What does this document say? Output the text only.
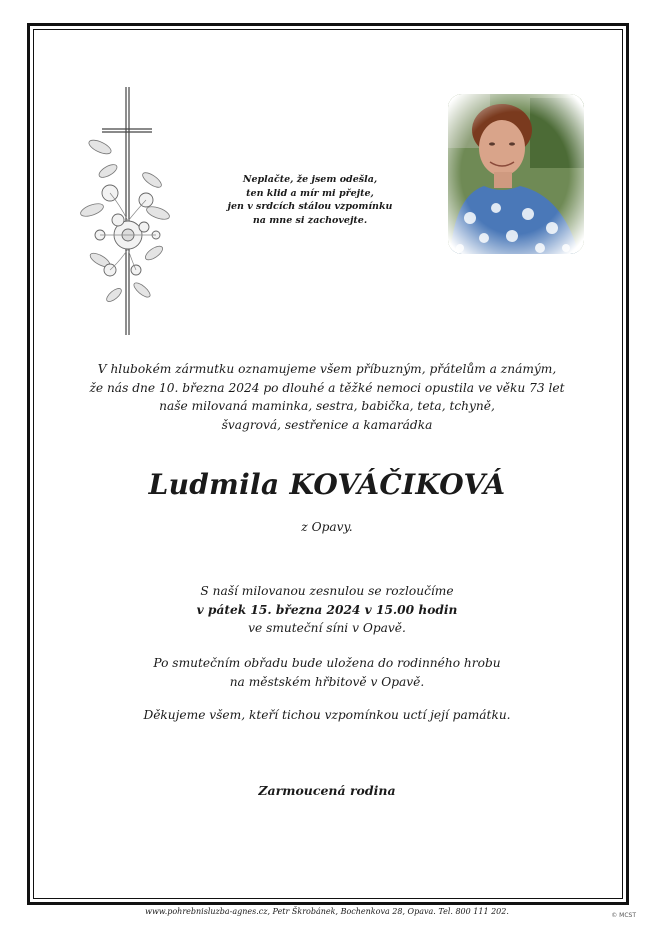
Neplačte, že jsem odešla,
ten klid a mír mi přejte,
jen v srdcích stálou vzpomínku
na mne si zachovejte.
V hlubokém zármutku oznamujeme všem příbuzným, přátelům a známým,
že nás dne 10. března 2024 po dlouhé a těžké nemoci opustila ve věku 73 let
naše milovaná maminka, sestra, babička, teta, tchyně,
švagrová, sestřenice a kamarádka
Ludmila KOVÁČIKOVÁ
z Opavy.
S naší milovanou zesnulou se rozloučíme
v pátek 15. března 2024 v 15.00 hodin
ve smuteční síni v Opavě.
Po smutečním obřadu bude uložena do rodinného hrobu
na městském hřbitově v Opavě.
Děkujeme všem, kteří tichou vzpomínkou uctí její památku.
Zarmoucená rodina
www.pohrebnisluzba-agnes.cz, Petr Škrobánek, Bochenkova 28, Opava. Tel. 800 111 202.	© MCST
